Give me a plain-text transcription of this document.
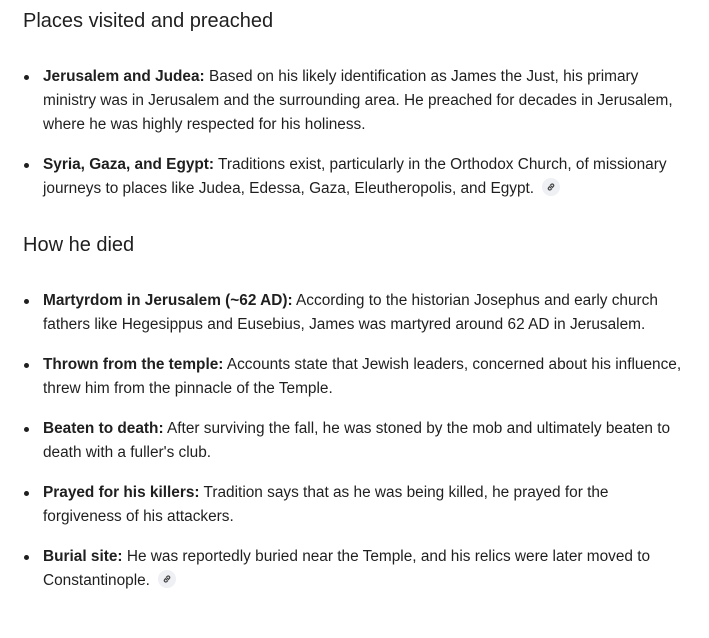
Places visited and preached
Jerusalem and Judea: Based on his likely identification as James the Just, his primary ministry was in Jerusalem and the surrounding area. He preached for decades in Jerusalem, where he was highly respected for his holiness.
Syria, Gaza, and Egypt: Traditions exist, particularly in the Orthodox Church, of missionary journeys to places like Judea, Edessa, Gaza, Eleutheropolis, and Egypt.
How he died
Martyrdom in Jerusalem (~62 AD): According to the historian Josephus and early church fathers like Hegesippus and Eusebius, James was martyred around 62 AD in Jerusalem.
Thrown from the temple: Accounts state that Jewish leaders, concerned about his influence, threw him from the pinnacle of the Temple.
Beaten to death: After surviving the fall, he was stoned by the mob and ultimately beaten to death with a fuller's club.
Prayed for his killers: Tradition says that as he was being killed, he prayed for the forgiveness of his attackers.
Burial site: He was reportedly buried near the Temple, and his relics were later moved to Constantinople.
